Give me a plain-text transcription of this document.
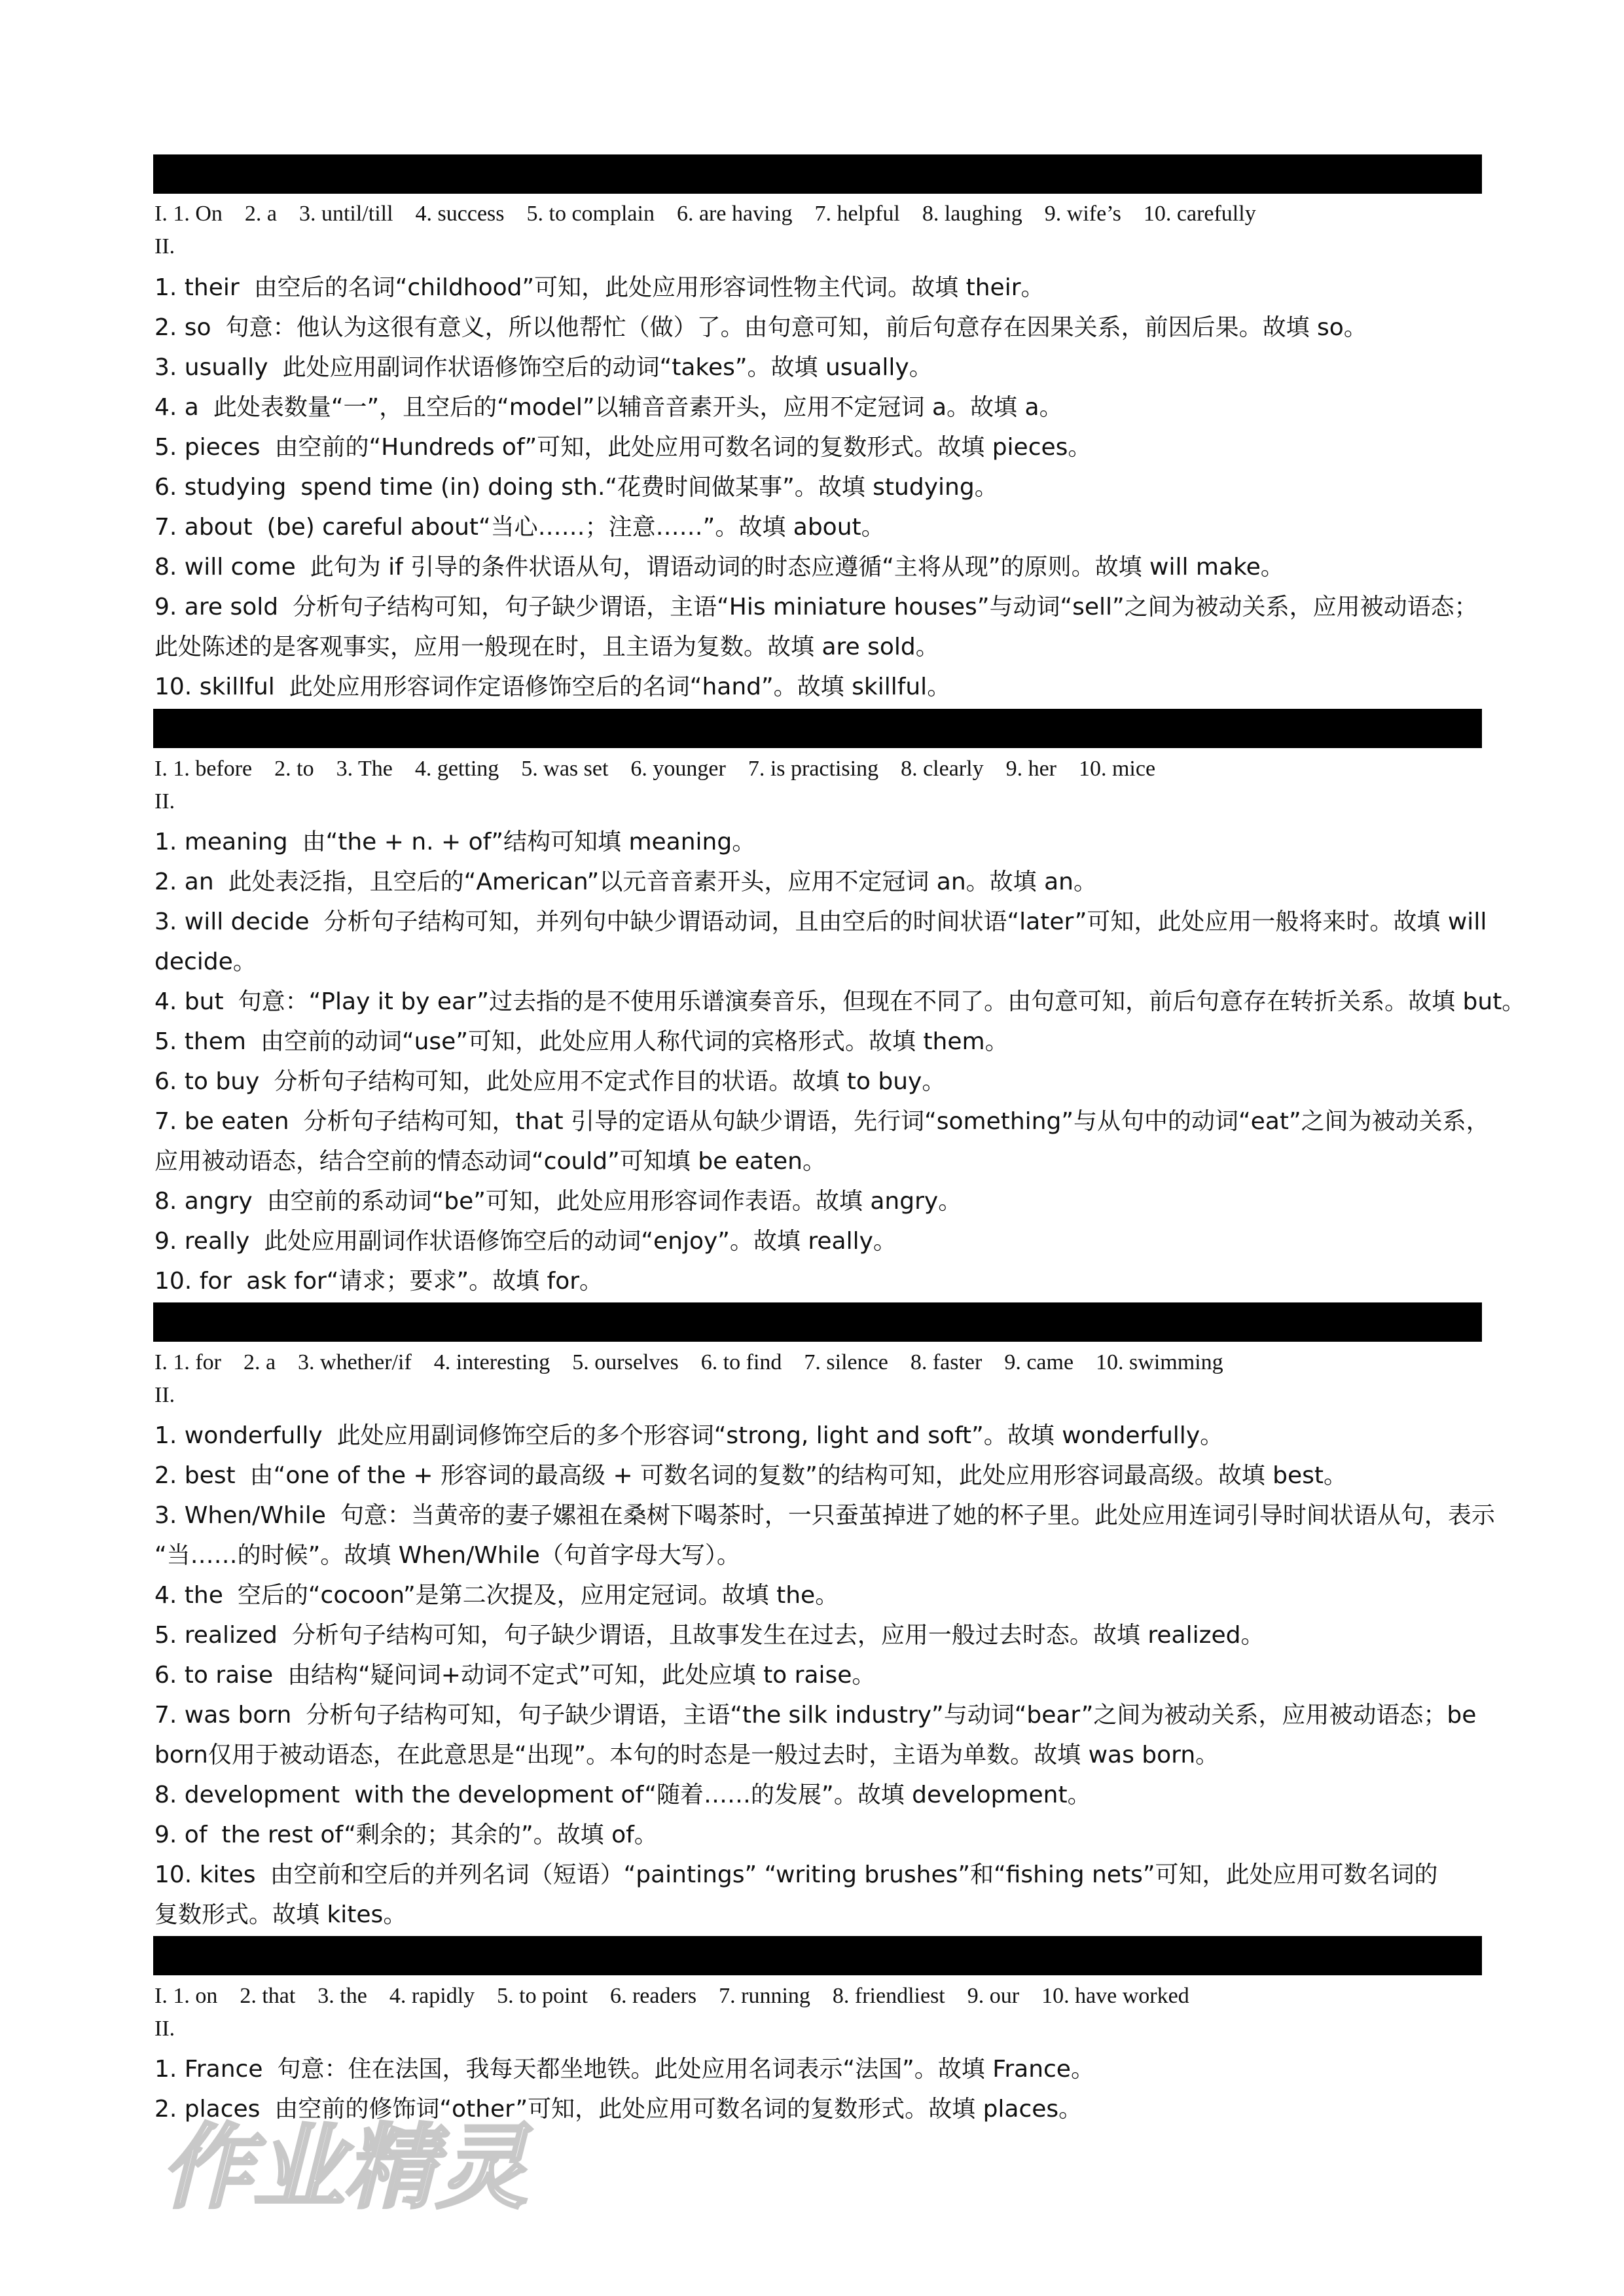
I. 1. On    2. a    3. until/till    4. success    5. to complain    6. are having    7. helpful    8. laughing    9. wife’s    10. carefully
II.
1. their 由空后的名词“childhood”可知，此处应用形容词性物主代词。故填 their。
2. so 句意：他认为这很有意义，所以他帮忙（做）了。由句意可知，前后句意存在因果关系，前因后果。故填 so。
3. usually 此处应用副词作状语修饰空后的动词“takes”。故填 usually。
4. a 此处表数量“一”，且空后的“model”以辅音音素开头，应用不定冠词 a。故填 a。
5. pieces 由空前的“Hundreds of”可知，此处应用可数名词的复数形式。故填 pieces。
6. studying spend time (in) doing sth.“花费时间做某事”。故填 studying。
7. about (be) careful about“当心……；注意……”。故填 about。
8. will come 此句为 if 引导的条件状语从句，谓语动词的时态应遵循“主将从现”的原则。故填 will make。
9. are sold 分析句子结构可知，句子缺少谓语，主语“His miniature houses”与动词“sell”之间为被动关系，应用被动语态；
此处陈述的是客观事实，应用一般现在时，且主语为复数。故填 are sold。
10. skillful 此处应用形容词作定语修饰空后的名词“hand”。故填 skillful。
I. 1. before    2. to    3. The    4. getting    5. was set    6. younger    7. is practising    8. clearly    9. her    10. mice
II.
1. meaning 由“the + n. + of”结构可知填 meaning。
2. an 此处表泛指，且空后的“American”以元音音素开头，应用不定冠词 an。故填 an。
3. will decide 分析句子结构可知，并列句中缺少谓语动词，且由空后的时间状语“later”可知，此处应用一般将来时。故填 will
decide。
4. but 句意：“Play it by ear”过去指的是不使用乐谱演奏音乐，但现在不同了。由句意可知，前后句意存在转折关系。故填 but。
5. them 由空前的动词“use”可知，此处应用人称代词的宾格形式。故填 them。
6. to buy 分析句子结构可知，此处应用不定式作目的状语。故填 to buy。
7. be eaten 分析句子结构可知，that 引导的定语从句缺少谓语，先行词“something”与从句中的动词“eat”之间为被动关系，
应用被动语态，结合空前的情态动词“could”可知填 be eaten。
8. angry 由空前的系动词“be”可知，此处应用形容词作表语。故填 angry。
9. really 此处应用副词作状语修饰空后的动词“enjoy”。故填 really。
10. for ask for“请求；要求”。故填 for。
I. 1. for    2. a    3. whether/if    4. interesting    5. ourselves    6. to find    7. silence    8. faster    9. came    10. swimming
II.
1. wonderfully 此处应用副词修饰空后的多个形容词“strong, light and soft”。故填 wonderfully。
2. best 由“one of the + 形容词的最高级 + 可数名词的复数”的结构可知，此处应用形容词最高级。故填 best。
3. When/While 句意：当黄帝的妻子嫘祖在桑树下喝茶时，一只蚕茧掉进了她的杯子里。此处应用连词引导时间状语从句，表示
“当……的时候”。故填 When/While（句首字母大写）。
4. the 空后的“cocoon”是第二次提及，应用定冠词。故填 the。
5. realized 分析句子结构可知，句子缺少谓语，且故事发生在过去，应用一般过去时态。故填 realized。
6. to raise 由结构“疑问词+动词不定式”可知，此处应填 to raise。
7. was born 分析句子结构可知，句子缺少谓语，主语“the silk industry”与动词“bear”之间为被动关系，应用被动语态；be
born仅用于被动语态，在此意思是“出现”。本句的时态是一般过去时，主语为单数。故填 was born。
8. development with the development of“随着……的发展”。故填 development。
9. of the rest of“剩余的；其余的”。故填 of。
10. kites 由空前和空后的并列名词（短语）“paintings” “writing brushes”和“fishing nets”可知，此处应用可数名词的
复数形式。故填 kites。
I. 1. on    2. that    3. the    4. rapidly    5. to point    6. readers    7. running    8. friendliest    9. our    10. have worked
II.
1. France 句意：住在法国，我每天都坐地铁。此处应用名词表示“法国”。故填 France。
2. places 由空前的修饰词“other”可知，此处应用可数名词的复数形式。故填 places。
作业精灵
